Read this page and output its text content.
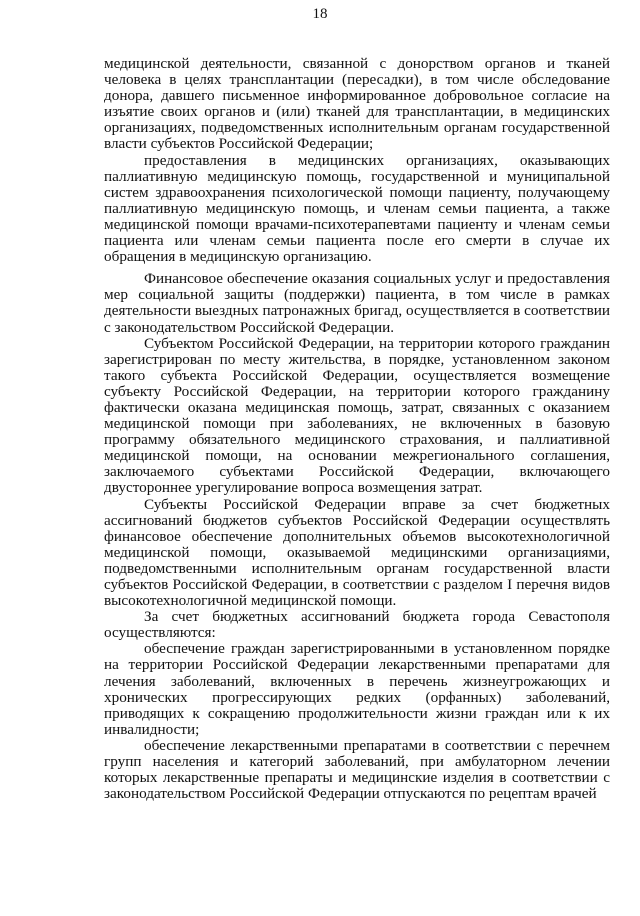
18

медицинской деятельности, связанной с донорством органов и тканей человека в целях трансплантации (пересадки), в том числе обследование донора, давшего письменное информированное добровольное согласие на изъятие своих органов и (или) тканей для трансплантации, в медицинских организациях, подведомственных исполнительным органам государственной власти субъектов Российской Федерации;

предоставления в медицинских организациях, оказывающих паллиативную медицинскую помощь, государственной и муниципальной систем здравоохранения психологической помощи пациенту, получающему паллиативную медицинскую помощь, и членам семьи пациента, а также медицинской помощи врачами-психотерапевтами пациенту и членам семьи пациента или членам семьи пациента после его смерти в случае их обращения в медицинскую организацию.

Финансовое обеспечение оказания социальных услуг и предоставления мер социальной защиты (поддержки) пациента, в том числе в рамках деятельности выездных патронажных бригад, осуществляется в соответствии с законодательством Российской Федерации.

Субъектом Российской Федерации, на территории которого гражданин зарегистрирован по месту жительства, в порядке, установленном законом такого субъекта Российской Федерации, осуществляется возмещение субъекту Российской Федерации, на территории которого гражданину фактически оказана медицинская помощь, затрат, связанных с оказанием медицинской помощи при заболеваниях, не включенных в базовую программу обязательного медицинского страхования, и паллиативной медицинской помощи, на основании межрегионального соглашения, заключаемого субъектами Российской Федерации, включающего двустороннее урегулирование вопроса возмещения затрат.

Субъекты Российской Федерации вправе за счет бюджетных ассигнований бюджетов субъектов Российской Федерации осуществлять финансовое обеспечение дополнительных объемов высокотехнологичной медицинской помощи, оказываемой медицинскими организациями, подведомственными исполнительным органам государственной власти субъектов Российской Федерации, в соответствии с разделом I перечня видов высокотехнологичной медицинской помощи.

За счет бюджетных ассигнований бюджета города Севастополя осуществляются:

обеспечение граждан зарегистрированными в установленном порядке на территории Российской Федерации лекарственными препаратами для лечения заболеваний, включенных в перечень жизнеугрожающих и хронических прогрессирующих редких (орфанных) заболеваний, приводящих к сокращению продолжительности жизни граждан или к их инвалидности;

обеспечение лекарственными препаратами в соответствии с перечнем групп населения и категорий заболеваний, при амбулаторном лечении которых лекарственные препараты и медицинские изделия в соответствии с законодательством Российской Федерации отпускаются по рецептам врачей
